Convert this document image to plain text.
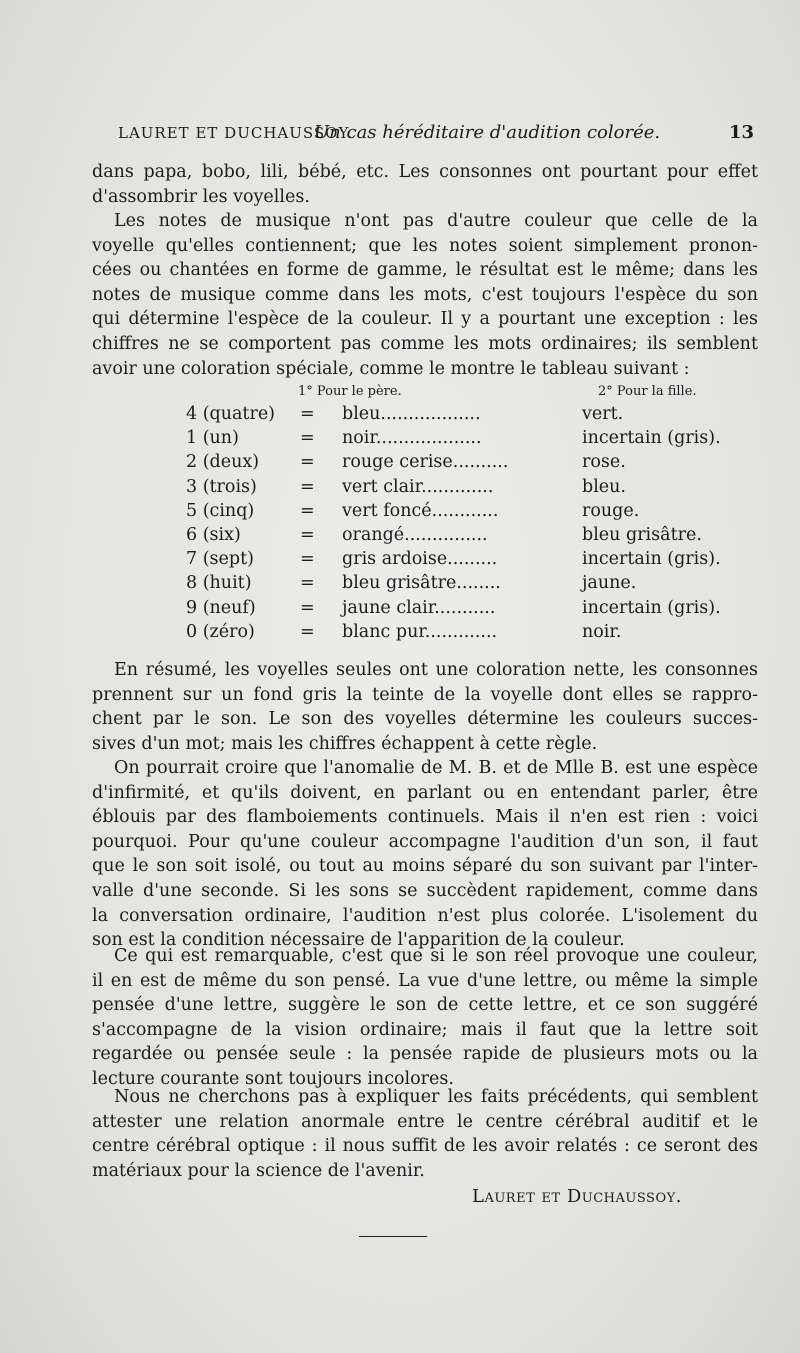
LAURET ET DUCHAUSSOY.
Un cas héréditaire d'audition colorée.	13
dans papa, bobo, lili, bébé, etc. Les consonnes ont pourtant pour effet
d'assombrir les voyelles.
Les notes de musique n'ont pas d'autre couleur que celle de la
voyelle qu'elles contiennent; que les notes soient simplement pronon-
cées ou chantées en forme de gamme, le résultat est le même; dans les
notes de musique comme dans les mots, c'est toujours l'espèce du son
qui détermine l'espèce de la couleur. Il y a pourtant une exception : les
chiffres ne se comportent pas comme les mots ordinaires; ils semblent
avoir une coloration spéciale, comme le montre le tableau suivant :
En résumé, les voyelles seules ont une coloration nette, les consonnes
prennent sur un fond gris la teinte de la voyelle dont elles se rappro-
chent par le son. Le son des voyelles détermine les couleurs succes-
sives d'un mot; mais les chiffres échappent à cette règle.
On pourrait croire que l'anomalie de M. B. et de Mlle B. est une espèce
d'infirmité, et qu'ils doivent, en parlant ou en entendant parler, être
éblouis par des flamboiements continuels. Mais il n'en est rien : voici
pourquoi. Pour qu'une couleur accompagne l'audition d'un son, il faut
que le son soit isolé, ou tout au moins séparé du son suivant par l'inter-
valle d'une seconde. Si les sons se succèdent rapidement, comme dans
la conversation ordinaire, l'audition n'est plus colorée. L'isolement du
son est la condition nécessaire de l'apparition de la couleur.
Ce qui est remarquable, c'est que si le son réel provoque une couleur,
il en est de même du son pensé. La vue d'une lettre, ou même la simple
pensée d'une lettre, suggère le son de cette lettre, et ce son suggéré
s'accompagne de la vision ordinaire; mais il faut que la lettre soit
regardée ou pensée seule : la pensée rapide de plusieurs mots ou la
lecture courante sont toujours incolores.
Nous ne cherchons pas à expliquer les faits précédents, qui semblent
attester une relation anormale entre le centre cérébral auditif et le
centre cérébral optique : il nous suffit de les avoir relatés : ce seront des
matériaux pour la science de l'avenir.
1° Pour le père.	2° Pour la fille.
4 (quatre) = bleu..................	vert.
1 (un)	= noir...................	incertain (gris).
2 (deux) = rouge cerise..........	rose.
3 (trois) = vert clair.............	bleu.
5 (cinq)	= vert foncé............	rouge.
6 (six)	= orangé...............	bleu grisâtre.
7 (sept)	= gris ardoise.........	incertain (gris).
8 (huit)	= bleu grisâtre........	jaune.
9 (neuf)	= jaune clair...........	incertain (gris).
0 (zéro)	= blanc pur.............	noir.
Lauret et Duchaussoy.
